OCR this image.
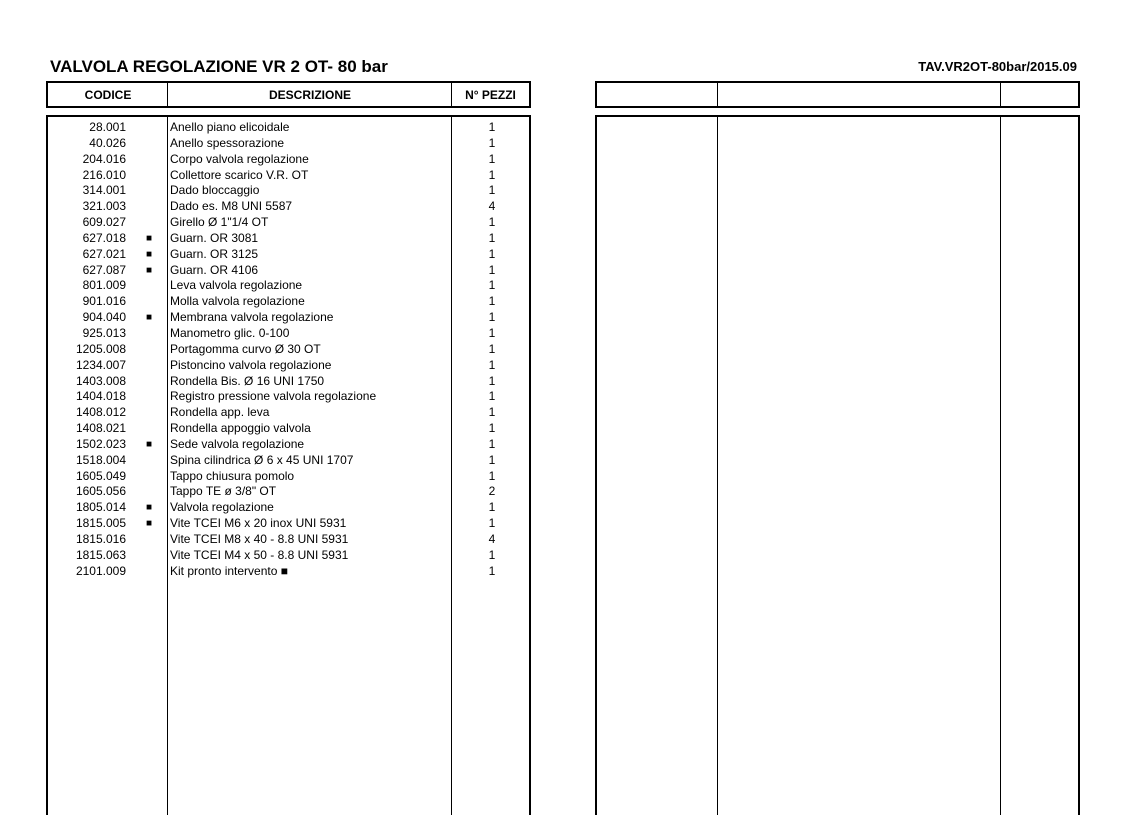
VALVOLA REGOLAZIONE VR 2 OT- 80 bar	TAV.VR2OT-80bar/2015.09
CODICE	DESCRIZIONE	N° PEZZI
28.001	Anello piano elicoidale	1
40.026	Anello spessorazione	1
204.016	Corpo valvola regolazione	1
216.010	Collettore scarico V.R. OT	1
314.001	Dado bloccaggio	1
321.003	Dado es. M8 UNI 5587	4
609.027	Girello Ø 1"1/4 OT	1
627.018 ■ Guarn. OR 3081	1
627.021 ■ Guarn. OR 3125	1
627.087 ■ Guarn. OR 4106	1
801.009	Leva valvola regolazione	1
901.016	Molla valvola regolazione	1
904.040 ■ Membrana valvola regolazione	1
925.013	Manometro glic. 0-100	1
1205.008	Portagomma curvo Ø 30 OT	1
1234.007	Pistoncino valvola regolazione	1
1403.008	Rondella Bis. Ø 16 UNI 1750	1
1404.018	Registro pressione valvola regolazione	1
1408.012	Rondella app. leva	1
1408.021	Rondella appoggio valvola	1
1502.023 ■ Sede valvola regolazione	1
1518.004	Spina cilindrica Ø 6 x 45 UNI 1707	1
1605.049	Tappo chiusura pomolo	1
1605.056	Tappo TE ø 3/8" OT	2
1805.014 ■ Valvola regolazione	1
1815.005 ■ Vite TCEI M6 x 20 inox UNI 5931	1
1815.016	Vite TCEI M8 x 40 - 8.8 UNI 5931	4
1815.063	Vite TCEI M4 x 50 - 8.8 UNI 5931	1
2101.009	Kit pronto intervento ■	1
